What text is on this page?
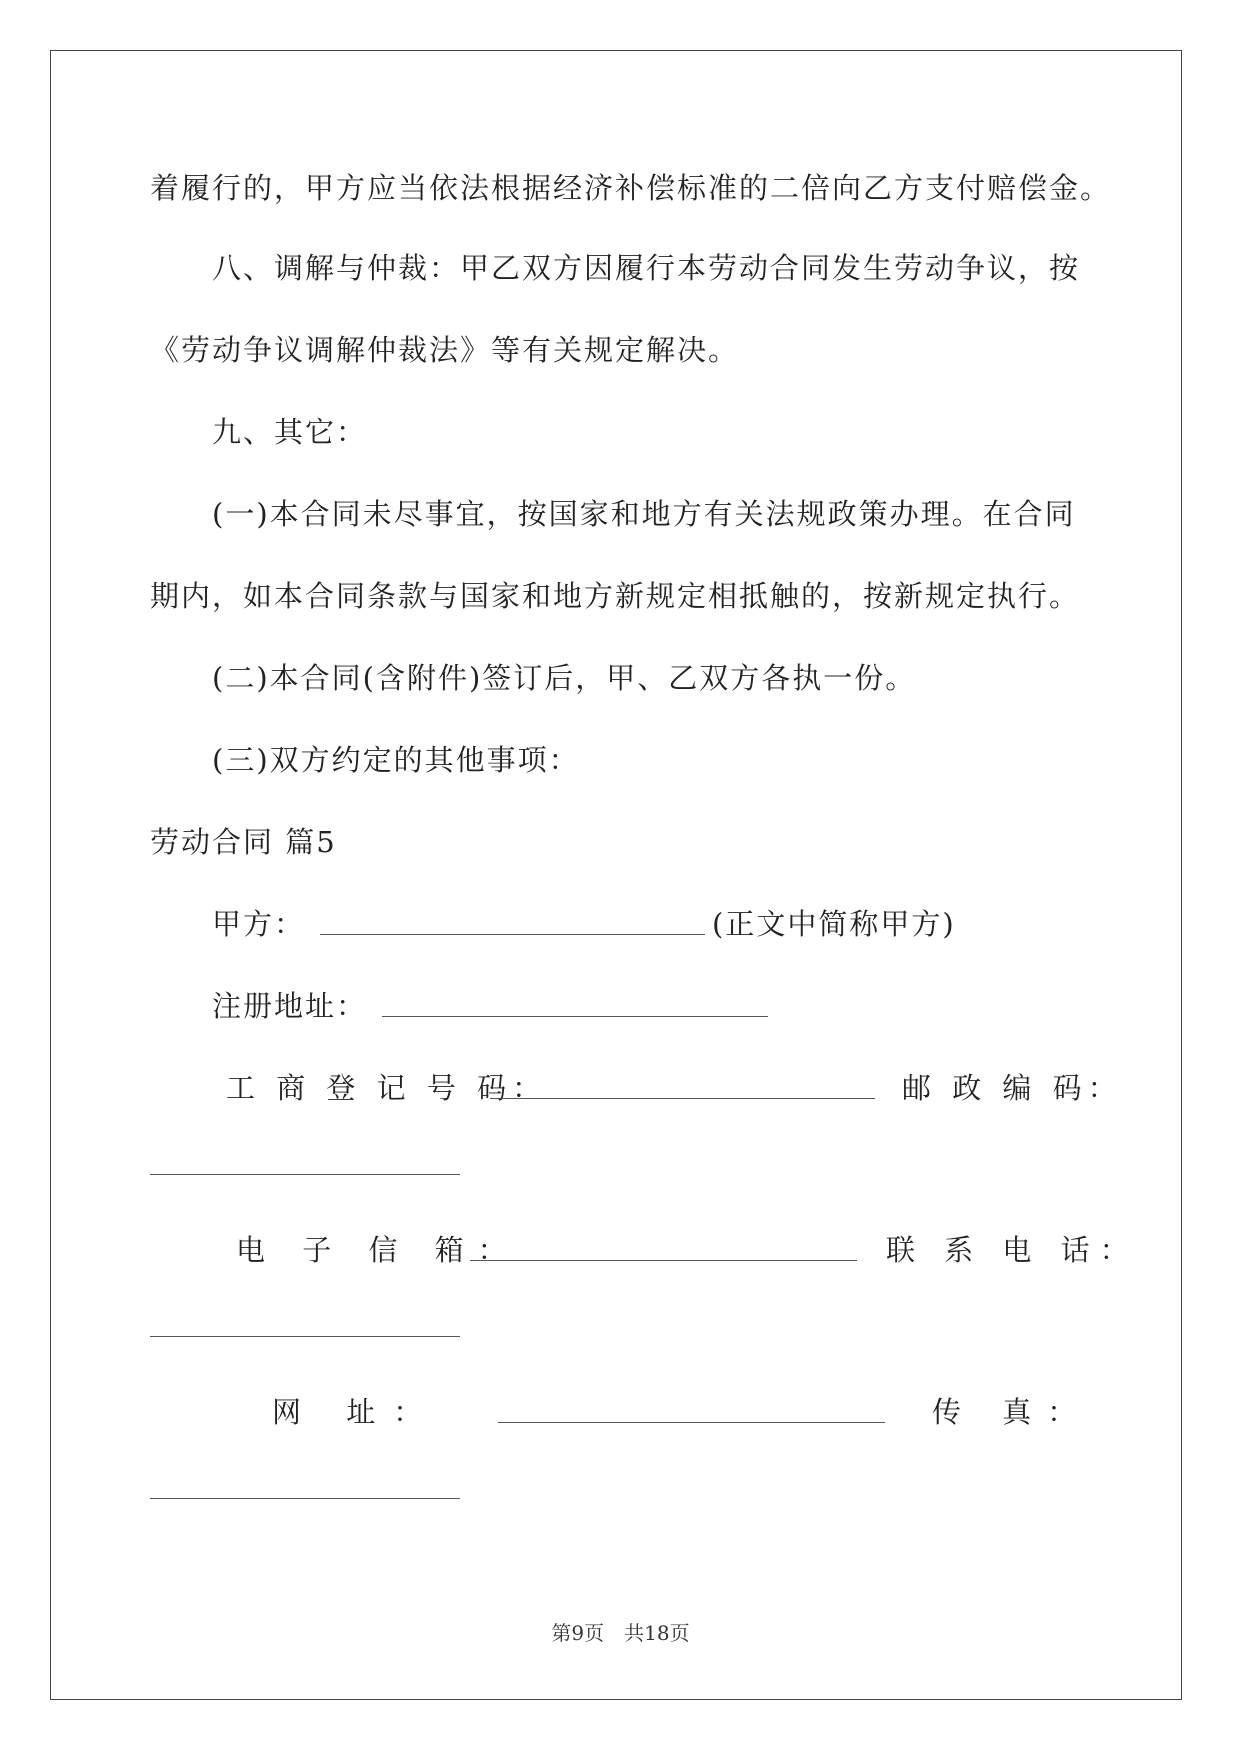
着履行的，甲方应当依法根据经济补偿标准的二倍向乙方支付赔偿金。
八、调解与仲裁：甲乙双方因履行本劳动合同发生劳动争议，按
《劳动争议调解仲裁法》等有关规定解决。
九、其它：
(一)本合同未尽事宜，按国家和地方有关法规政策办理。在合同
期内，如本合同条款与国家和地方新规定相抵触的，按新规定执行。
(二)本合同(含附件)签订后，甲、乙双方各执一份。
(三)双方约定的其他事项：
劳动合同 篇5
甲方：	(正文中简称甲方)
注册地址：
工 商 登 记 号 码：	邮 政 编 码：
电 子 信 箱：	联 系 电 话：
网 址：	传 真：
第9页　共18页
